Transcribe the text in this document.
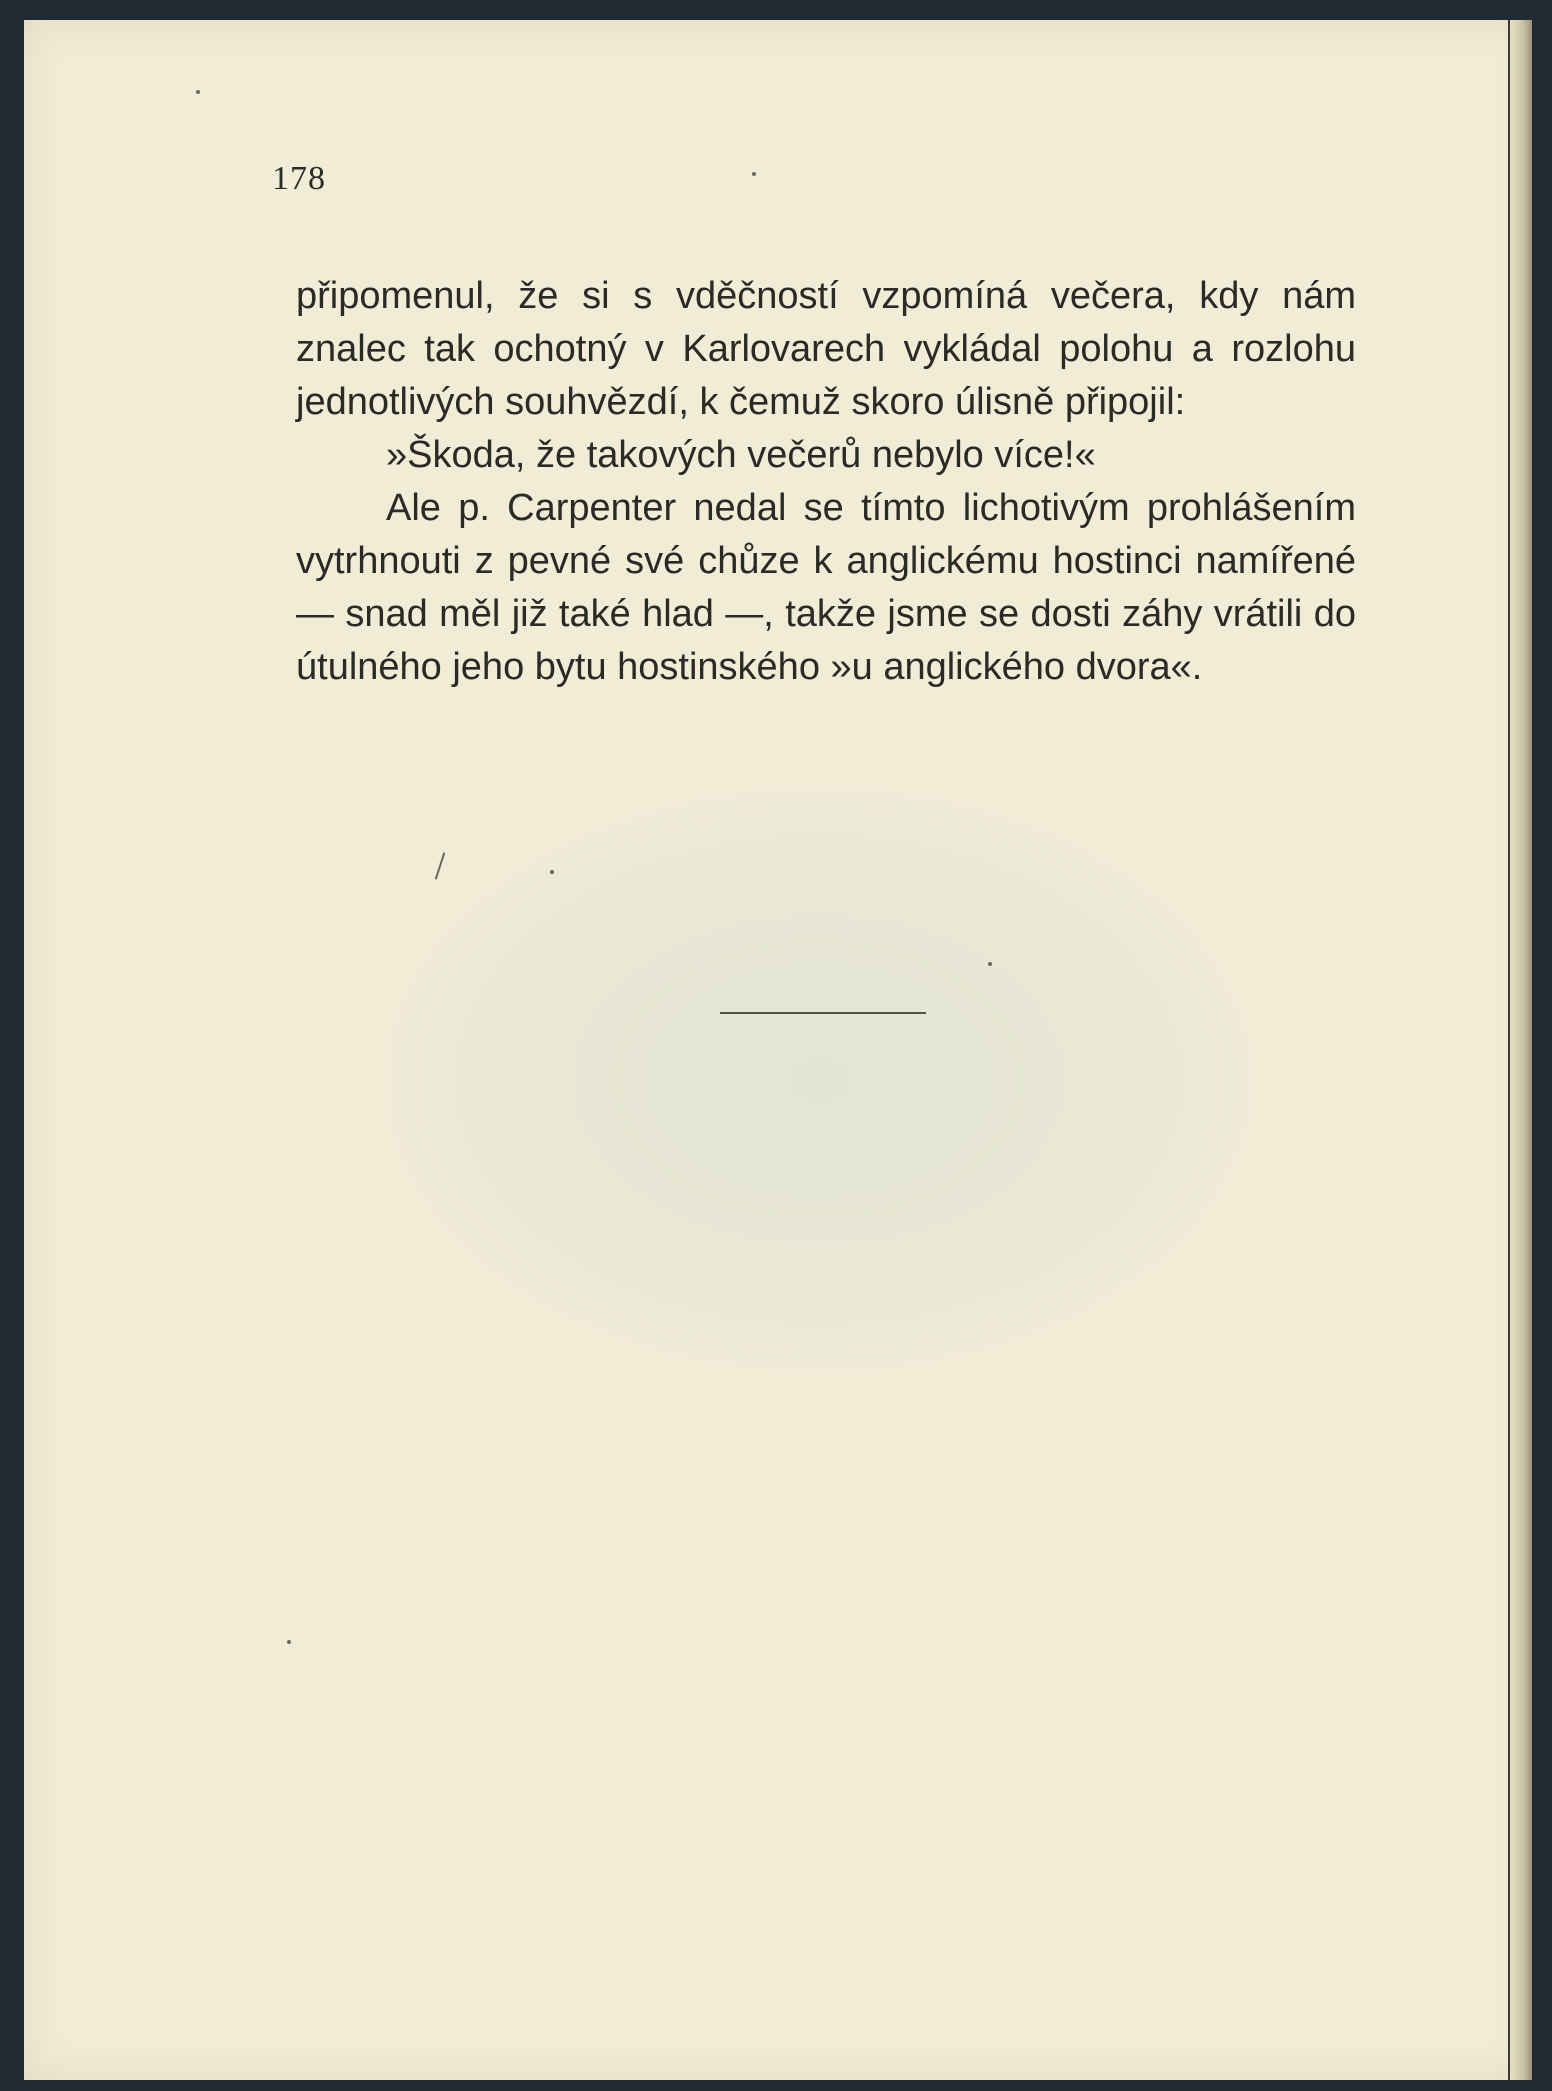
178

připomenul, že si s vděčností vzpomíná večera, kdy nám znalec tak ochotný v Karlovarech vykládal polohu a rozlohu jednotlivých souhvězdí, k čemuž skoro úlisně připojil:

»Škoda, že takových večerů nebylo více!«

Ale p. Carpenter nedal se tímto lichotivým prohlášením vytrhnouti z pevné své chůze k anglickému hostinci namířené — snad měl již také hlad —, takže jsme se dosti záhy vrátili do útulného jeho bytu hostinského »u anglického dvora«.
